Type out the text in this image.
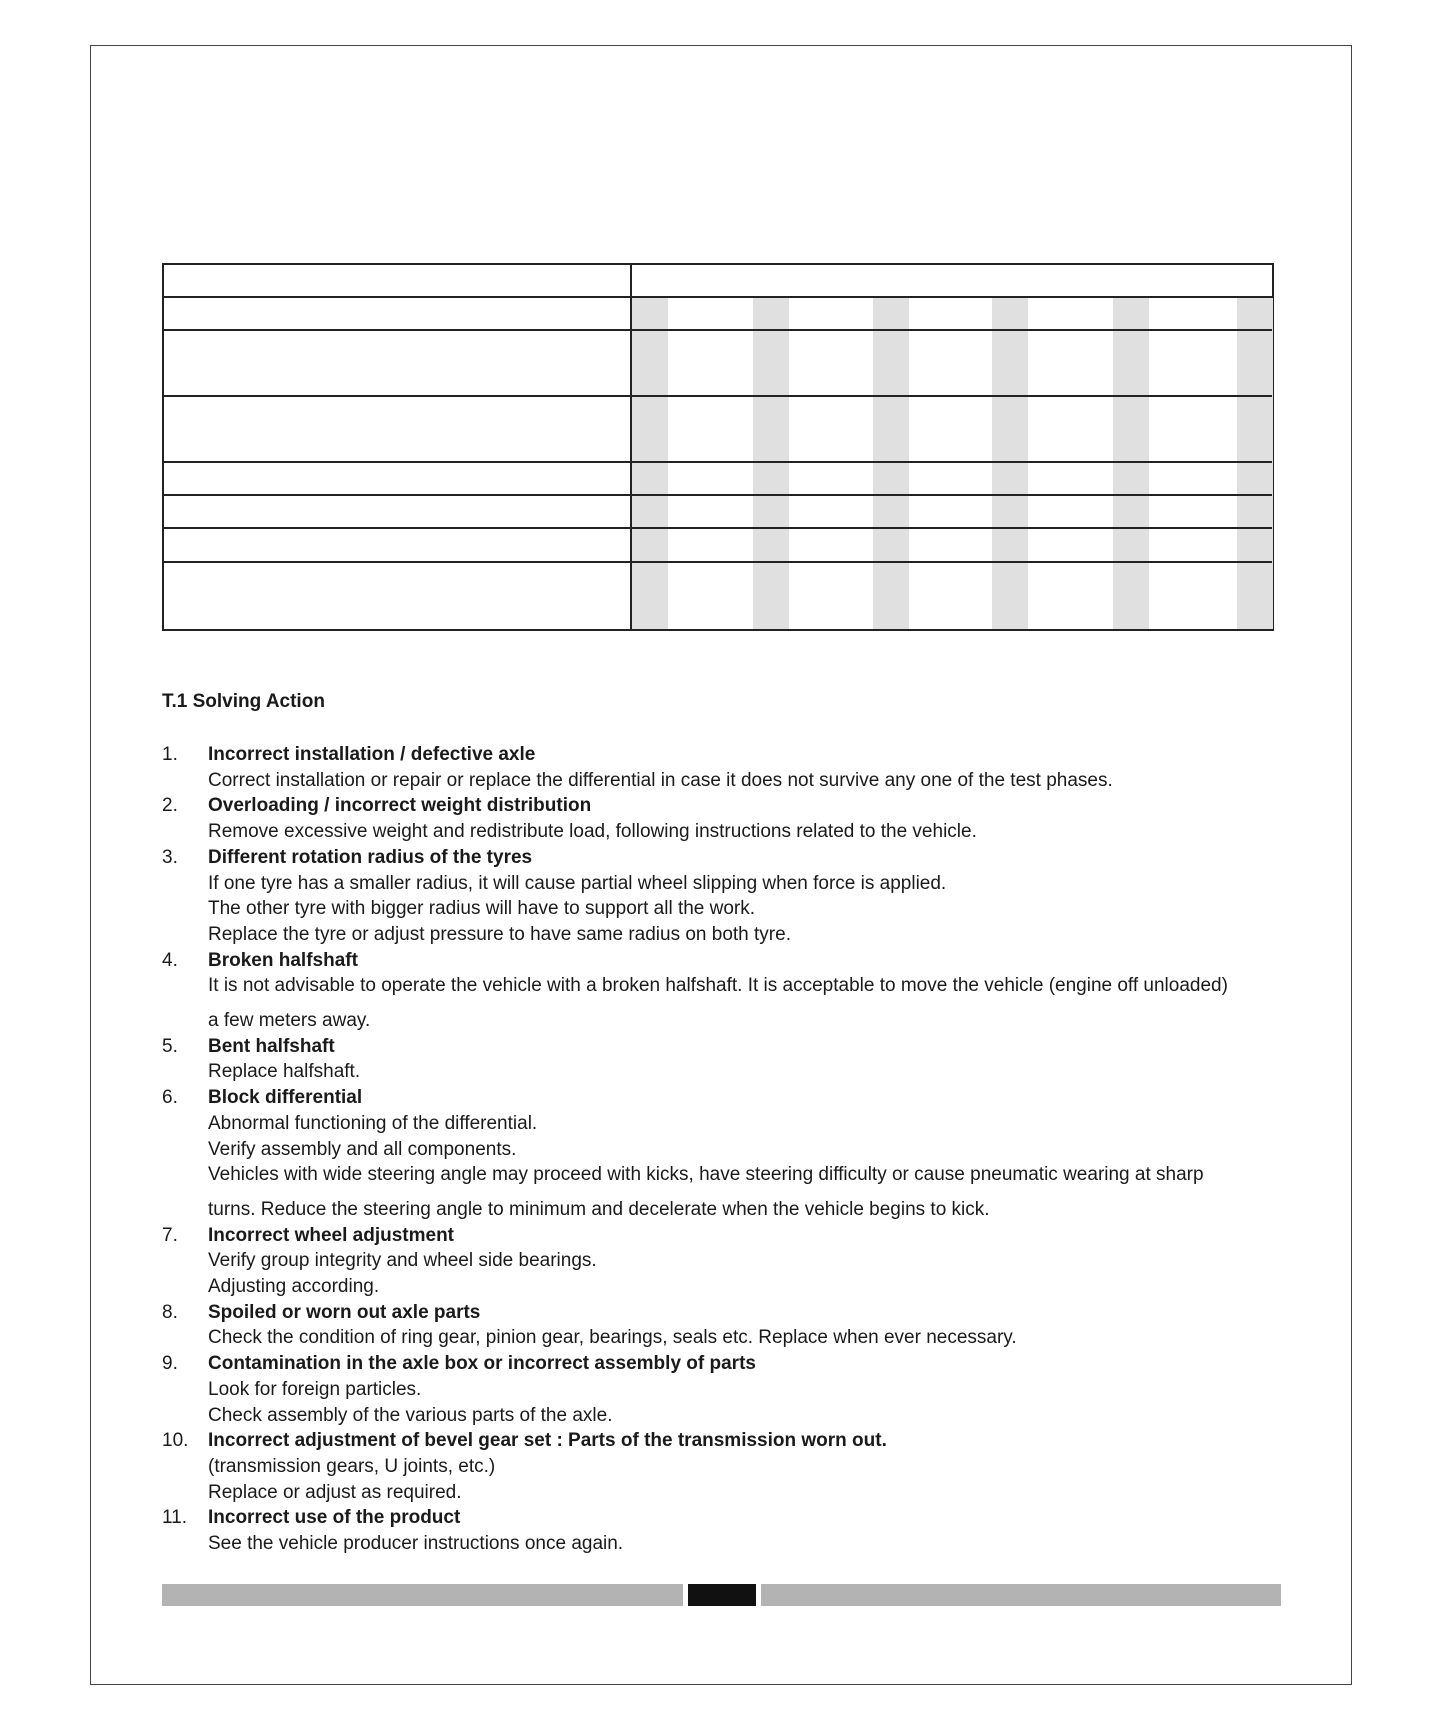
T.1 Solving Action
1.	Incorrect installation / defective axle
Correct installation or repair or replace the differential in case it does not survive any one of the test phases.
2.	Overloading / incorrect weight distribution
Remove excessive weight and redistribute load, following instructions related to the vehicle.
3.	Different rotation radius of the tyres
If one tyre has a smaller radius, it will cause partial wheel slipping when force is applied.
The other tyre with bigger radius will have to support all the work.
Replace the tyre or adjust pressure to have same radius on both tyre.
4.	Broken halfshaft
It is not advisable to operate the vehicle with a broken halfshaft. It is acceptable to move the vehicle (engine off unloaded)
a few meters away.
5.	Bent halfshaft
Replace halfshaft.
6.	Block differential
Abnormal functioning of the differential.
Verify assembly and all components.
Vehicles with wide steering angle may proceed with kicks, have steering difficulty or cause pneumatic wearing at sharp
turns. Reduce the steering angle to minimum and decelerate when the vehicle begins to kick.
7.	Incorrect wheel adjustment
Verify group integrity and wheel side bearings.
Adjusting according.
8.	Spoiled or worn out axle parts
Check the condition of ring gear, pinion gear, bearings, seals etc. Replace when ever necessary.
9.	Contamination in the axle box or incorrect assembly of parts
Look for foreign particles.
Check assembly of the various parts of the axle.
10.	Incorrect adjustment of bevel gear set : Parts of the transmission worn out.
(transmission gears, U joints, etc.)
Replace or adjust as required.
11.	Incorrect use of the product
See the vehicle producer instructions once again.
